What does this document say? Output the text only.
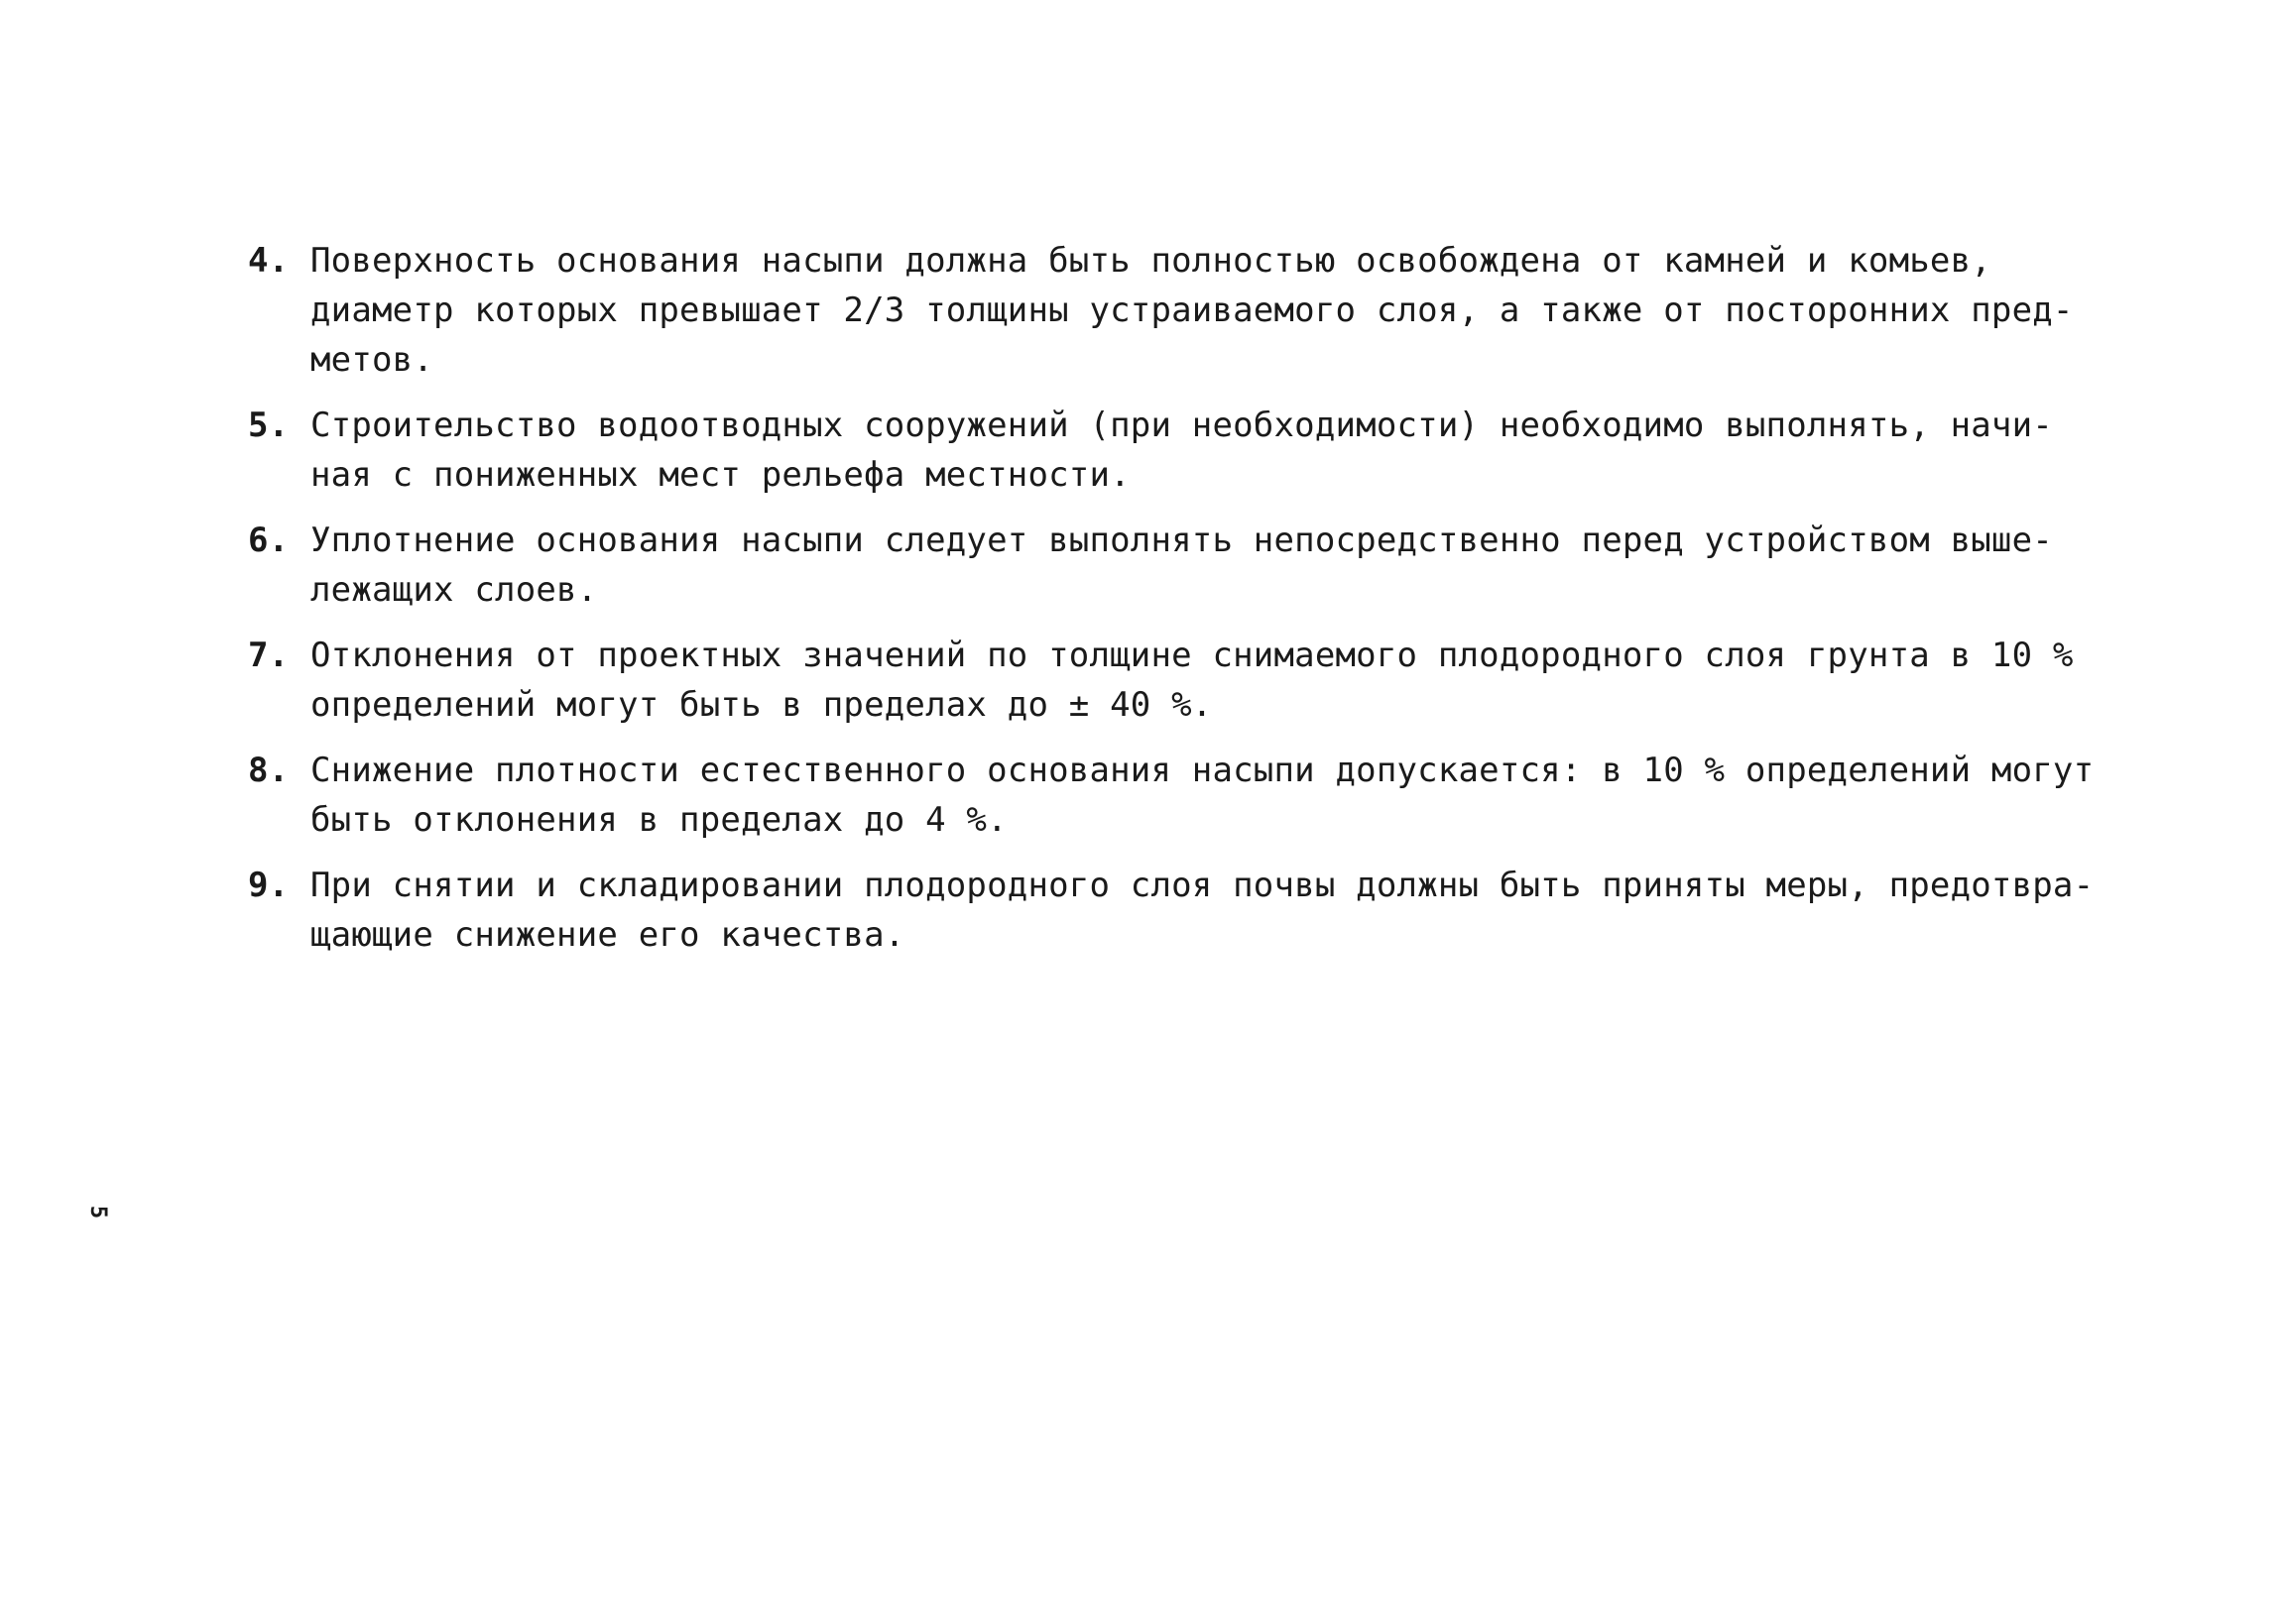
4. Поверхность основания насыпи должна быть полностью освобождена от камней и комьев,
диаметр которых превышает 2/3 толщины устраиваемого слоя, а также от посторонних пред-
метов.
5. Строительство водоотводных сооружений (при необходимости) необходимо выполнять, начи-
ная с пониженных мест рельефа местности.
6. Уплотнение основания насыпи следует выполнять непосредственно перед устройством выше-
лежащих слоев.
7. Отклонения от проектных значений по толщине снимаемого плодородного слоя грунта в 10 %
определений могут быть в пределах до ± 40 %.
8. Снижение плотности естественного основания насыпи допускается: в 10 % определений могут
быть отклонения в пределах до 4 %.
9. При снятии и складировании плодородного слоя почвы должны быть приняты меры, предотвра-
щающие снижение его качества.
5
